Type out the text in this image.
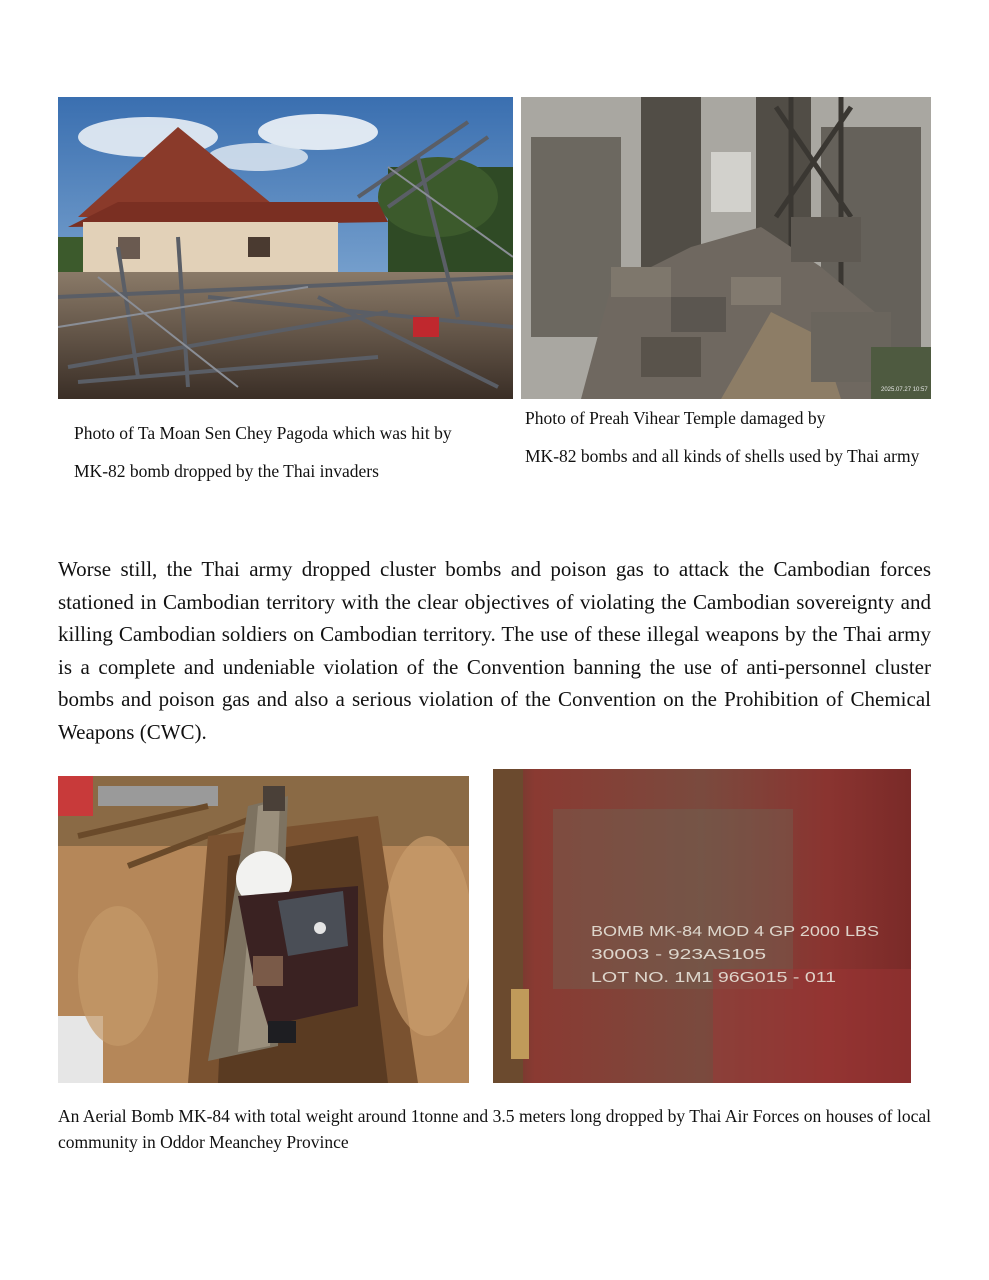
2025.07.27 10:57
Photo of Ta Moan Sen Chey Pagoda which was hit by
MK-82 bomb dropped by the Thai invaders
Photo of Preah Vihear Temple damaged by
MK-82 bombs and all kinds of shells used by Thai army

Worse still, the Thai army dropped cluster bombs and poison gas to attack the Cambodian forces stationed in Cambodian territory with the clear objectives of violating the Cambodian sovereignty and killing Cambodian soldiers on Cambodian territory. The use of these illegal weapons by the Thai army is a complete and undeniable violation of the Convention banning the use of anti-personnel cluster bombs and poison gas and also a serious violation of the Convention on the Prohibition of Chemical Weapons (CWC).

BOMB MK-84 MOD 4 GP 2000 LBS
30003 - 923AS105
LOT NO. 1M1 96G015 - 011
An Aerial Bomb MK-84 with total weight around 1tonne and 3.5 meters long dropped by Thai Air Forces on houses of local community in Oddor Meanchey Province
